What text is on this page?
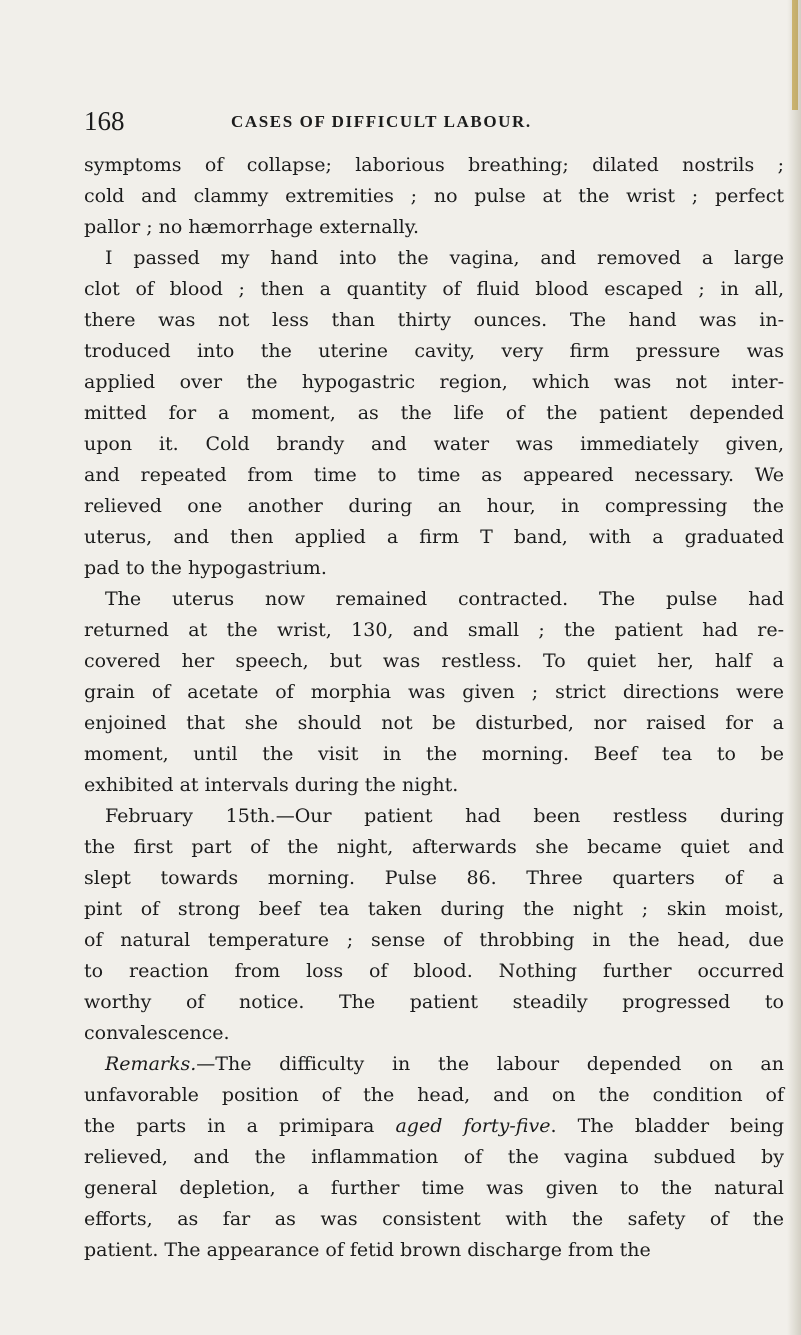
168	CASES OF DIFFICULT LABOUR.
symptoms of collapse; laborious breathing; dilated nostrils ;
cold and clammy extremities ; no pulse at the wrist ; perfect
pallor ; no hæmorrhage externally.
I passed my hand into the vagina, and removed a large
clot of blood ; then a quantity of fluid blood escaped ; in all,
there was not less than thirty ounces. The hand was in-
troduced into the uterine cavity, very firm pressure was
applied over the hypogastric region, which was not inter-
mitted for a moment, as the life of the patient depended
upon it. Cold brandy and water was immediately given,
and repeated from time to time as appeared necessary. We
relieved one another during an hour, in compressing the
uterus, and then applied a firm T band, with a graduated
pad to the hypogastrium.
The uterus now remained contracted. The pulse had
returned at the wrist, 130, and small ; the patient had re-
covered her speech, but was restless. To quiet her, half a
grain of acetate of morphia was given ; strict directions were
enjoined that she should not be disturbed, nor raised for a
moment, until the visit in the morning. Beef tea to be
exhibited at intervals during the night.
February 15th.—Our patient had been restless during
the first part of the night, afterwards she became quiet and
slept towards morning. Pulse 86. Three quarters of a
pint of strong beef tea taken during the night ; skin moist,
of natural temperature ; sense of throbbing in the head, due
to reaction from loss of blood. Nothing further occurred
worthy of notice. The patient steadily progressed to
convalescence.
Remarks.—The difficulty in the labour depended on an
unfavorable position of the head, and on the condition of
the parts in a primipara aged forty-five. The bladder being
relieved, and the inflammation of the vagina subdued by
general depletion, a further time was given to the natural
efforts, as far as was consistent with the safety of the
patient. The appearance of fetid brown discharge from the
